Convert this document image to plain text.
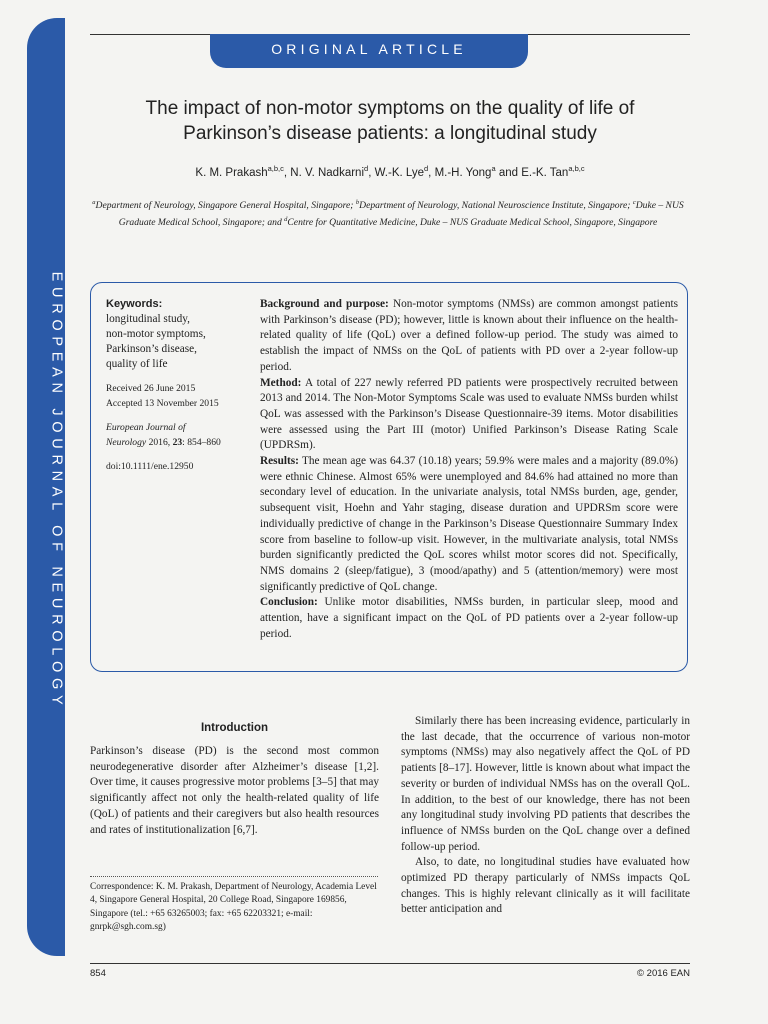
EUROPEAN JOURNAL OF NEUROLOGY
ORIGINAL ARTICLE
The impact of non-motor symptoms on the quality of life of
Parkinson’s disease patients: a longitudinal study
K. M. Prakash$^{a,b,c}$, N. V. Nadkarni$^d$, W.-K. Lye$^d$, M.-H. Yong$^a$ and E.-K. Tan$^{a,b,c}$
$^a$Department of Neurology, Singapore General Hospital, Singapore; $^b$Department of Neurology, National Neuroscience Institute, Singapore; $^c$Duke – NUS Graduate Medical School, Singapore; and $^d$Centre for Quantitative Medicine, Duke – NUS Graduate Medical School, Singapore, Singapore
Keywords:
longitudinal study,
non-motor symptoms,
Parkinson’s disease,
quality of life
Received 26 June 2015
Accepted 13 November 2015
European Journal of
Neurology 2016, 23: 854–860
doi:10.1111/ene.12950

Background and purpose: Non-motor symptoms (NMSs) are common amongst patients with Parkinson’s disease (PD); however, little is known about their influence on the health-related quality of life (QoL) over a defined follow-up period. The study was aimed to establish the impact of NMSs on the QoL of patients with PD over a 2-year follow-up period.

Method: A total of 227 newly referred PD patients were prospectively recruited between 2013 and 2014. The Non-Motor Symptoms Scale was used to evaluate NMSs burden whilst QoL was assessed with the Parkinson’s Disease Questionnaire-39 items. Motor disabilities were assessed using the Part III (motor) Unified Parkinson’s Disease Rating Scale (UPDRSm).

Results: The mean age was 64.37 (10.18) years; 59.9% were males and a majority (89.0%) were ethnic Chinese. Almost 65% were unemployed and 84.6% had attained no more than secondary level of education. In the univariate analysis, total NMSs burden, age, gender, subsequent visit, Hoehn and Yahr staging, disease duration and UPDRSm score were individually predictive of change in the Parkinson’s Disease Questionnaire Summary Index score from baseline to follow-up visit. However, in the multivariate analysis, total NMSs burden significantly predicted the QoL scores whilst motor scores did not. Specifically, NMS domains 2 (sleep/fatigue), 3 (mood/apathy) and 5 (attention/memory) were most significantly predictive of QoL change.

Conclusion: Unlike motor disabilities, NMSs burden, in particular sleep, mood and attention, have a significant impact on the QoL of PD patients over a 2-year follow-up period.

Introduction

Parkinson’s disease (PD) is the second most common neurodegenerative disorder after Alzheimer’s disease [1,2]. Over time, it causes progressive motor problems [3–5] that may significantly affect not only the health-related quality of life (QoL) of patients and their caregivers but also health resources and rates of institutionalization [6,7].

Similarly there has been increasing evidence, particularly in the last decade, that the occurrence of various non-motor symptoms (NMSs) may also negatively affect the QoL of PD patients [8–17]. However, little is known about what impact the severity or burden of individual NMSs has on the overall QoL. In addition, to the best of our knowledge, there has not been any longitudinal study involving PD patients that describes the influence of NMSs burden on the QoL change over a defined follow-up period.

Also, to date, no longitudinal studies have evaluated how optimized PD therapy particularly of NMSs impacts QoL changes. This is highly relevant clinically as it will facilitate better anticipation and

Correspondence: K. M. Prakash, Department of Neurology, Academia Level 4, Singapore General Hospital, 20 College Road, Singapore 169856, Singapore (tel.: +65 63265003; fax: +65 62203321; e-mail: gnrpk@sgh.com.sg)
854	© 2016 EAN
